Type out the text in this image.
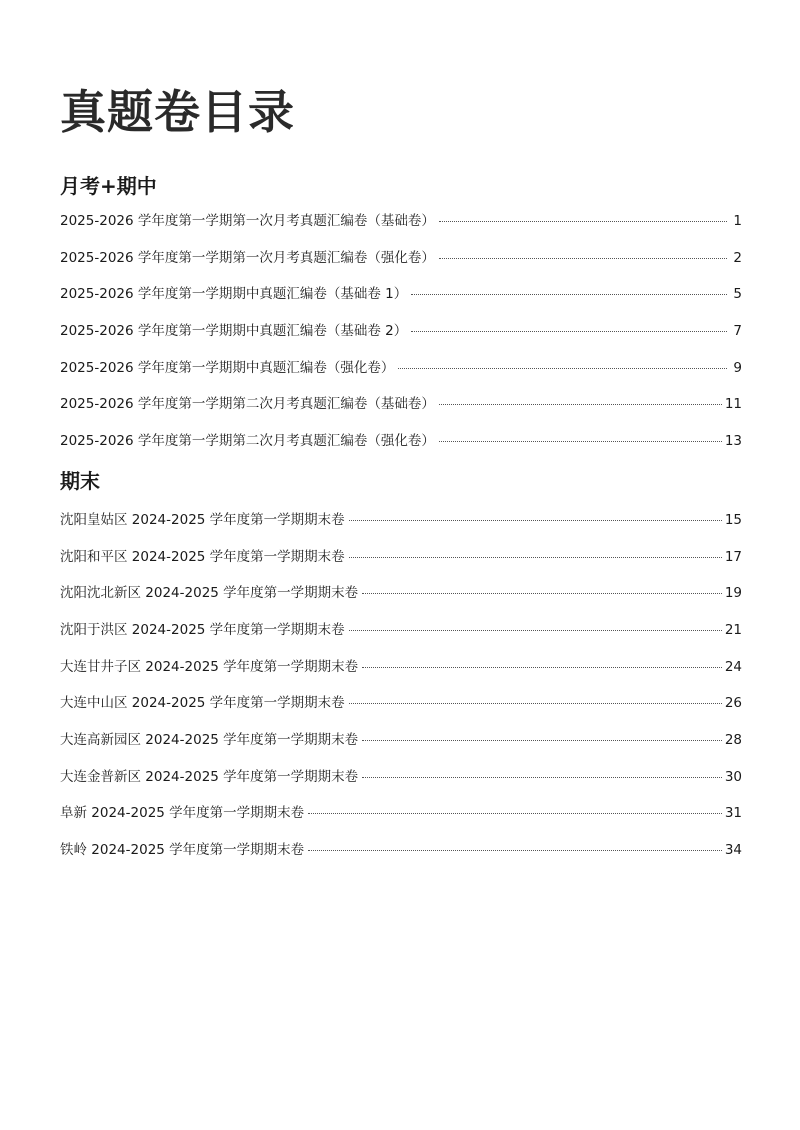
真题卷目录
月考+期中
2025-2026 学年度第一学期第一次月考真题汇编卷（基础卷）	1
2025-2026 学年度第一学期第一次月考真题汇编卷（强化卷）	2
2025-2026 学年度第一学期期中真题汇编卷（基础卷 1）	5
2025-2026 学年度第一学期期中真题汇编卷（基础卷 2）	7
2025-2026 学年度第一学期期中真题汇编卷（强化卷）	9
2025-2026 学年度第一学期第二次月考真题汇编卷（基础卷）	11
2025-2026 学年度第一学期第二次月考真题汇编卷（强化卷）	13
期末
沈阳皇姑区 2024-2025 学年度第一学期期末卷	15
沈阳和平区 2024-2025 学年度第一学期期末卷	17
沈阳沈北新区 2024-2025 学年度第一学期期末卷	19
沈阳于洪区 2024-2025 学年度第一学期期末卷	21
大连甘井子区 2024-2025 学年度第一学期期末卷	24
大连中山区 2024-2025 学年度第一学期期末卷	26
大连高新园区 2024-2025 学年度第一学期期末卷	28
大连金普新区 2024-2025 学年度第一学期期末卷	30
阜新 2024-2025 学年度第一学期期末卷	31
铁岭 2024-2025 学年度第一学期期末卷	34
